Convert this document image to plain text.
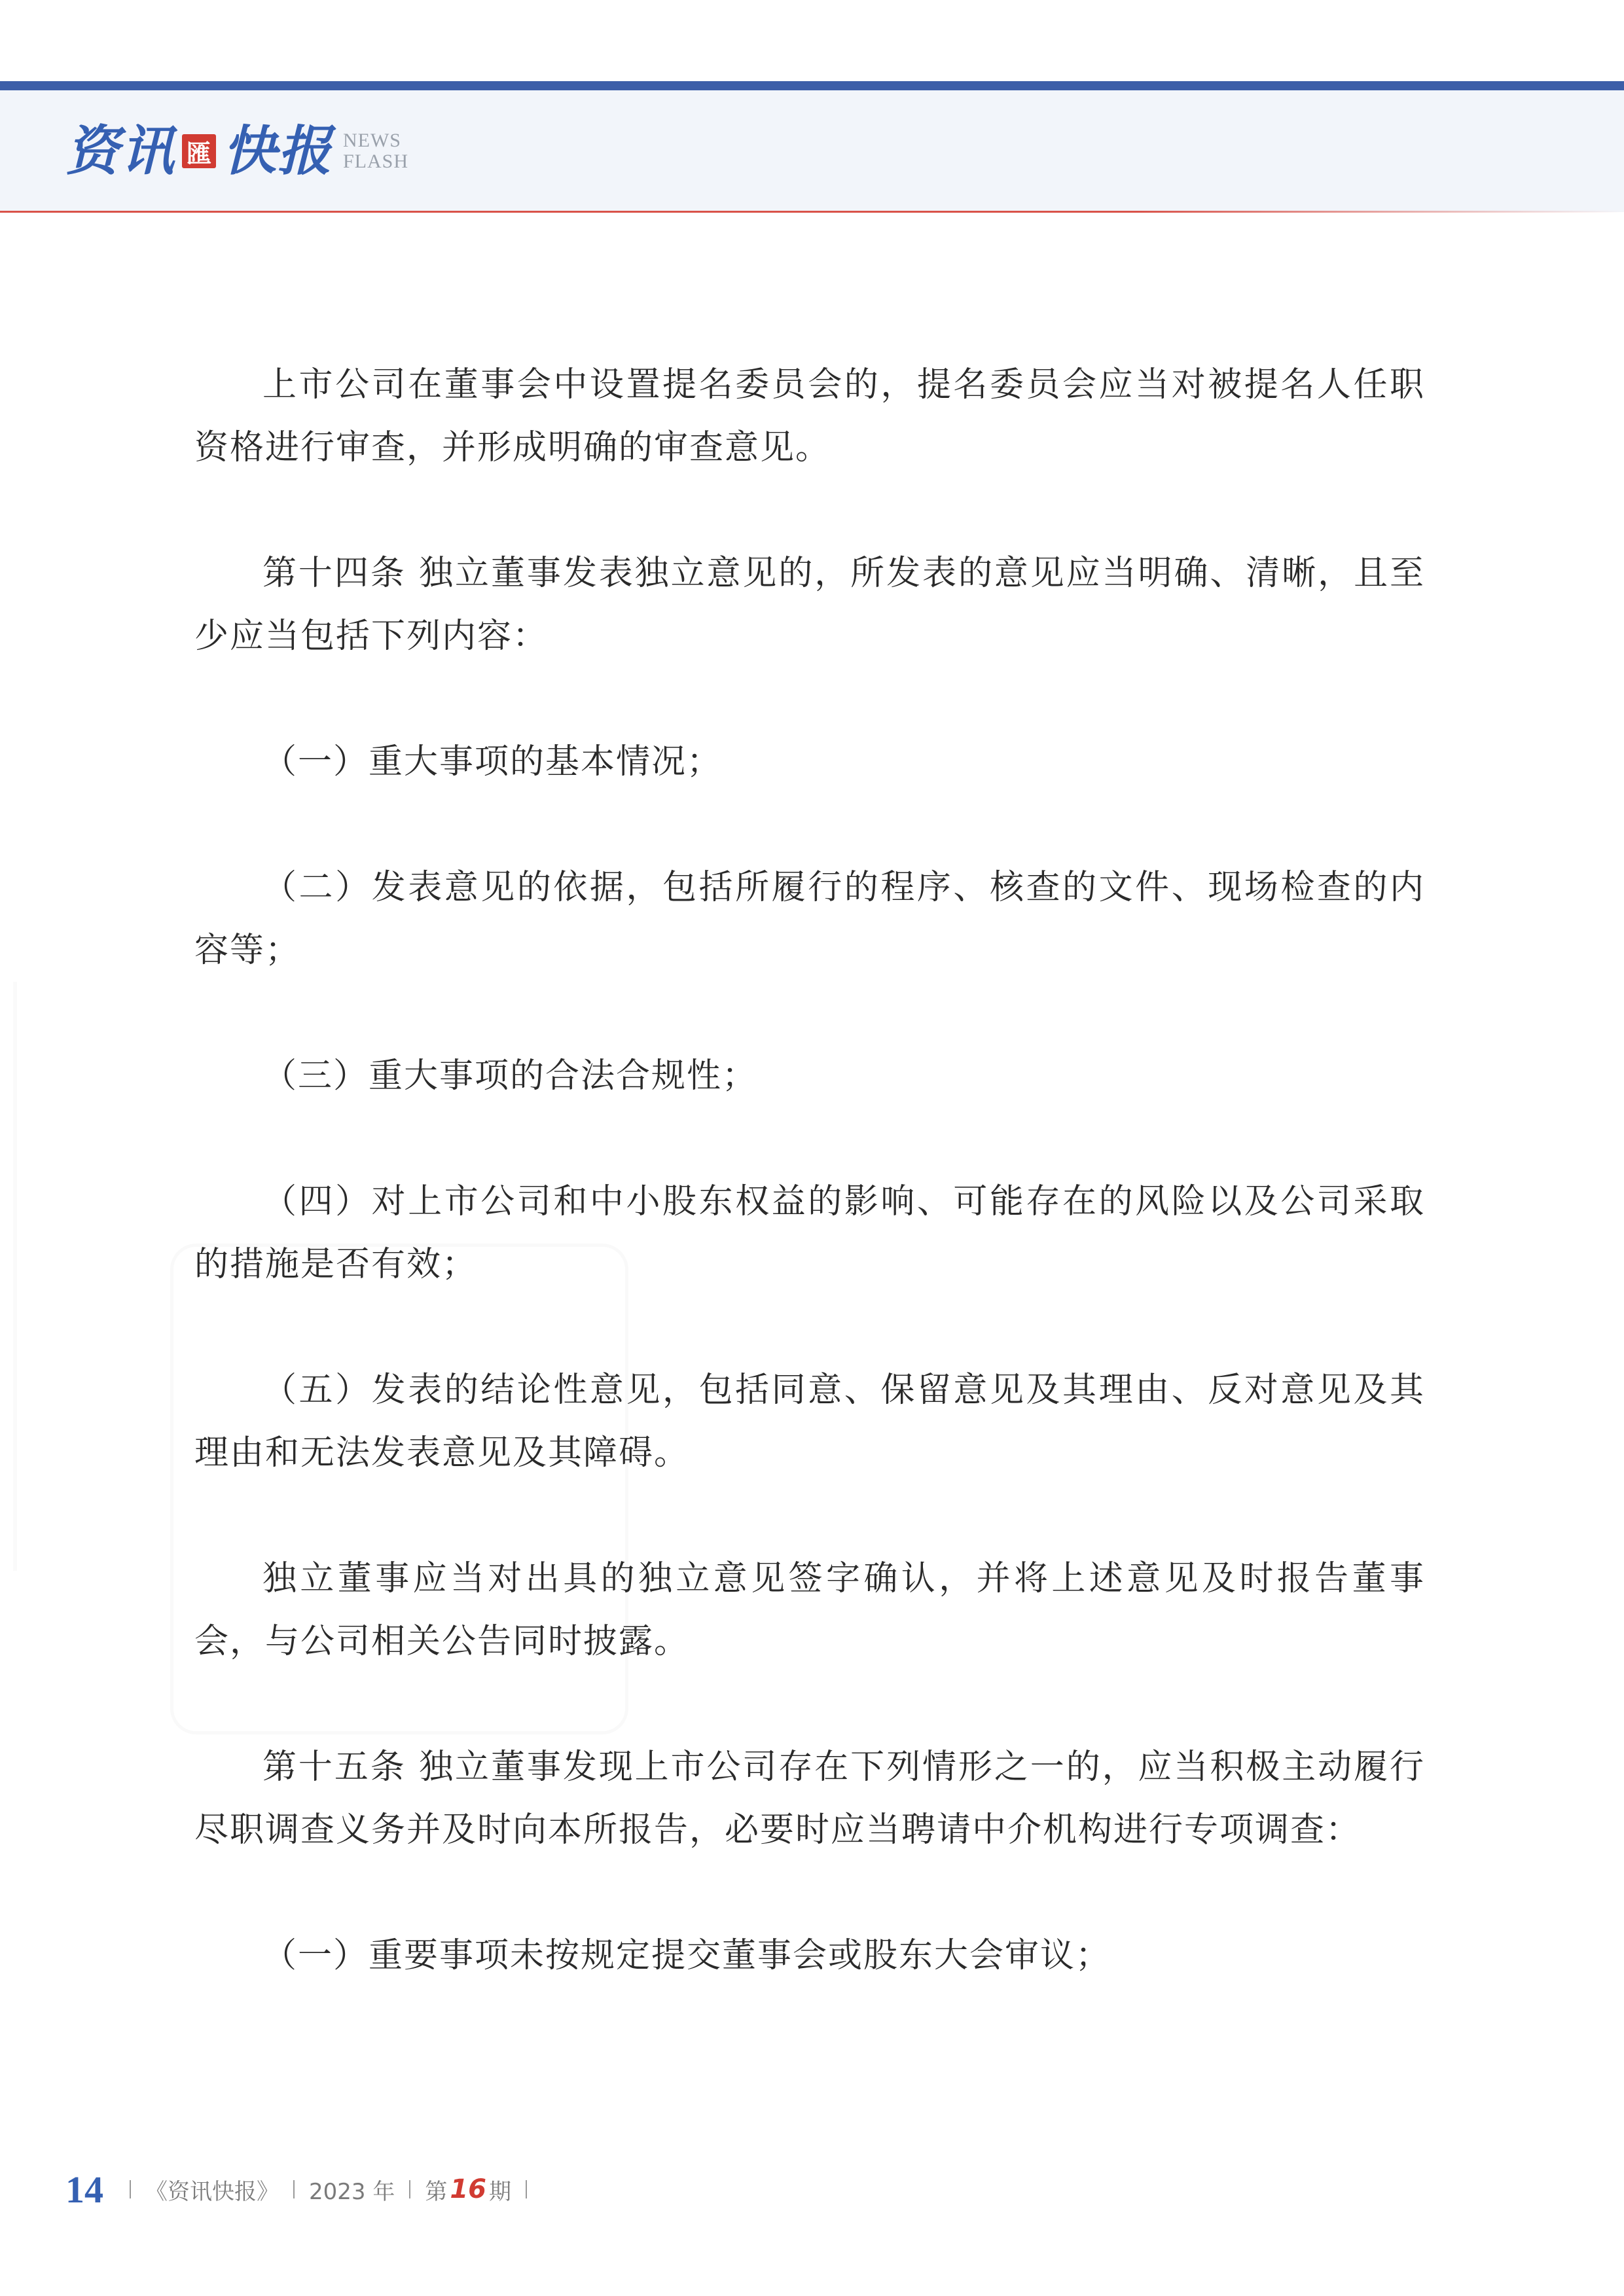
资讯 匯 快报 NEWS
FLASH

上市公司在董事会中设置提名委员会的，提名委员会应当对被提名人任职资格进行审查，并形成明确的审查意见。

第十四条 独立董事发表独立意见的，所发表的意见应当明确、清晰，且至少应当包括下列内容：

（一）重大事项的基本情况；

（二）发表意见的依据，包括所履行的程序、核查的文件、现场检查的内容等；

（三）重大事项的合法合规性；

（四）对上市公司和中小股东权益的影响、可能存在的风险以及公司采取的措施是否有效；

（五）发表的结论性意见，包括同意、保留意见及其理由、反对意见及其理由和无法发表意见及其障碍。

独立董事应当对出具的独立意见签字确认，并将上述意见及时报告董事会，与公司相关公告同时披露。

第十五条 独立董事发现上市公司存在下列情形之一的，应当积极主动履行尽职调查义务并及时向本所报告，必要时应当聘请中介机构进行专项调查：

（一）重要事项未按规定提交董事会或股东大会审议；

14 《资讯快报》 2023 年 第 16 期
